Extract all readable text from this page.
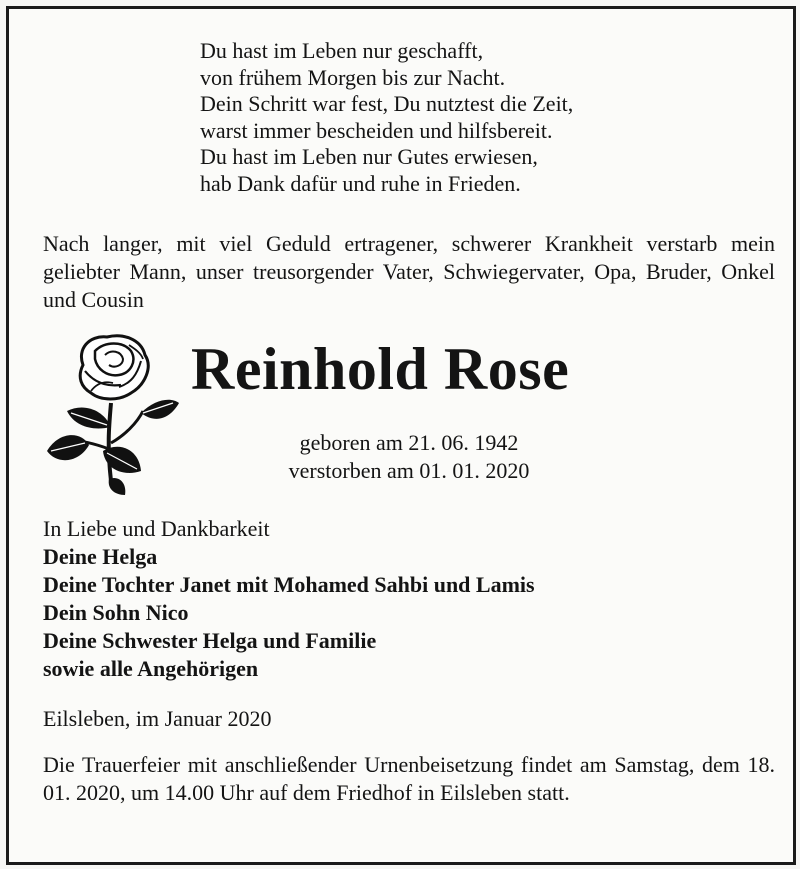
Du hast im Leben nur geschafft,
von frühem Morgen bis zur Nacht.
Dein Schritt war fest, Du nutztest die Zeit,
warst immer bescheiden und hilfsbereit.
Du hast im Leben nur Gutes erwiesen,
hab Dank dafür und ruhe in Frieden.
Nach langer, mit viel Geduld ertragener, schwerer Krankheit verstarb mein geliebter Mann, unser treusorgender Vater, Schwiegervater, Opa, Bruder, Onkel und Cousin
Reinhold Rose
geboren am 21. 06. 1942
verstorben am 01. 01. 2020
In Liebe und Dankbarkeit
Deine Helga
Deine Tochter Janet mit Mohamed Sahbi und Lamis
Dein Sohn Nico
Deine Schwester Helga und Familie
sowie alle Angehörigen
Eilsleben, im Januar 2020
Die Trauerfeier mit anschließender Urnenbeisetzung findet am Samstag, dem 18. 01. 2020, um 14.00 Uhr auf dem Friedhof in Eilsleben statt.
